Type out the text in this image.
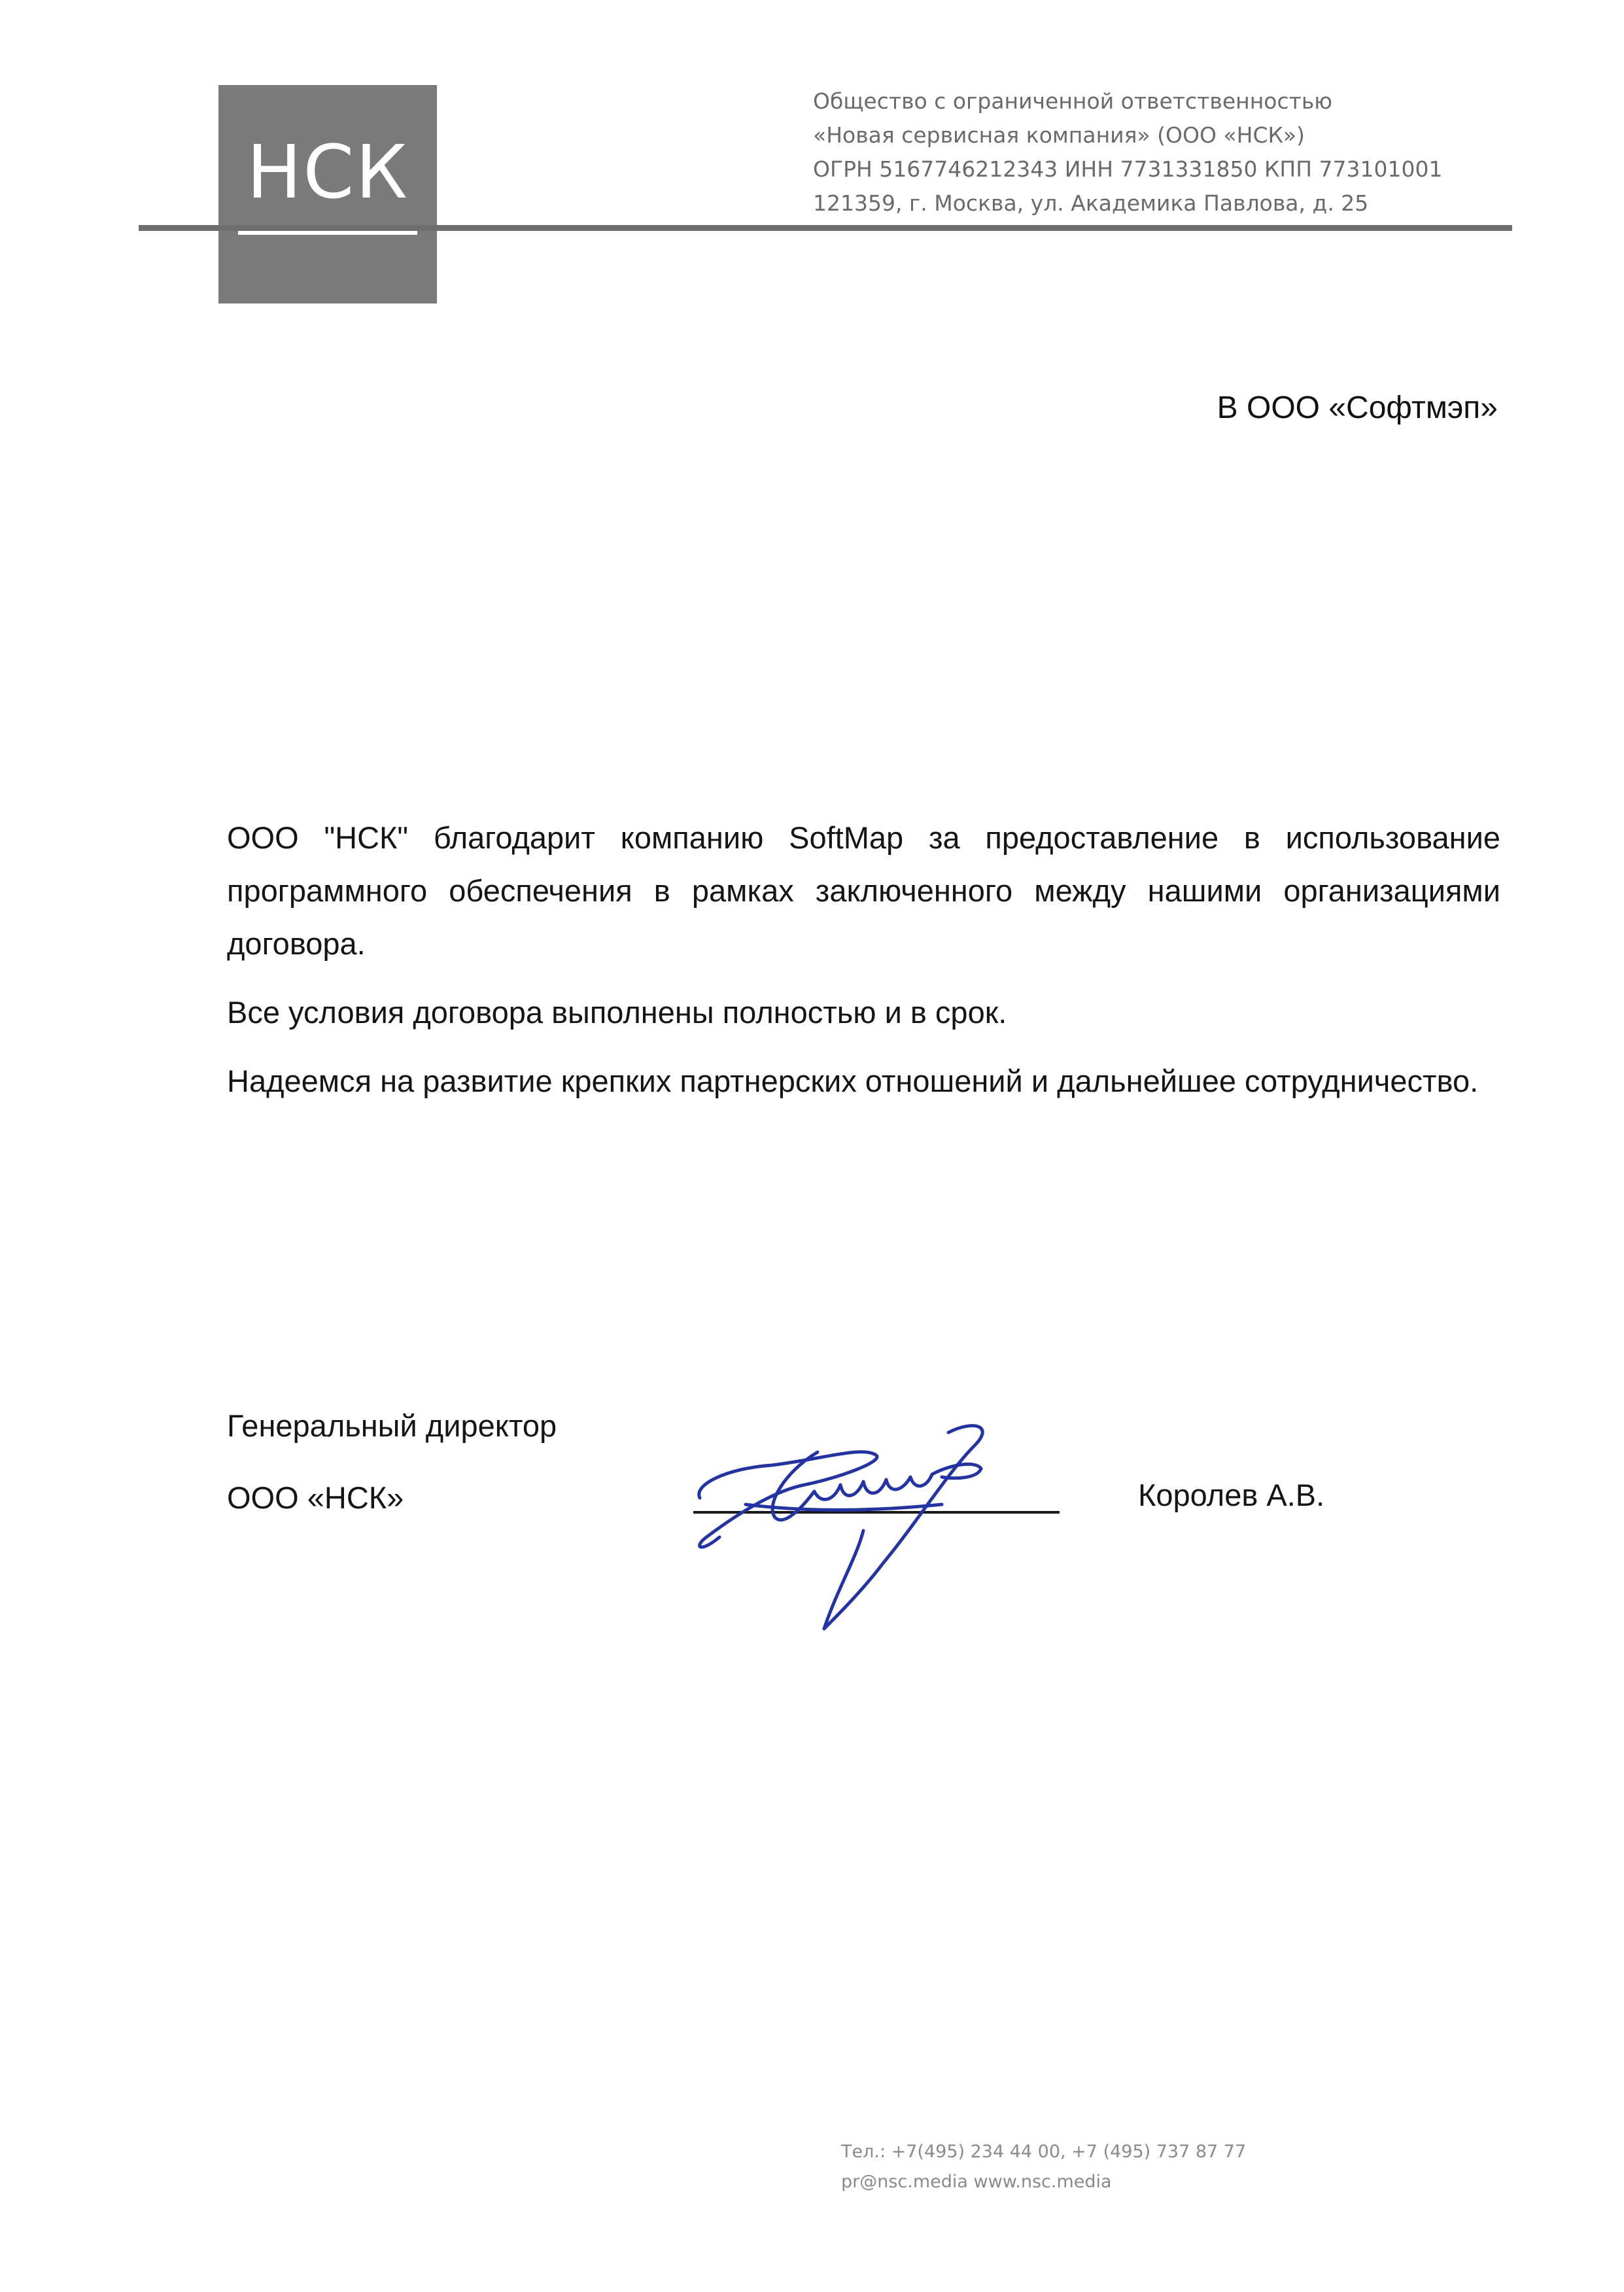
НСК
Общество с ограниченной ответственностью
«Новая сервисная компания» (ООО «НСК»)
ОГРН 5167746212343 ИНН 7731331850 КПП 773101001
121359, г. Москва, ул. Академика Павлова, д. 25
В ООО «Софтмэп»

ООО "НСК" благодарит компанию SoftMap за предоставление в использование программного обеспечения в рамках заключенного между нашими организациями договора.

Все условия договора выполнены полностью и в срок.

Надеемся на развитие крепких партнерских отношений и дальнейшее сотрудничество.

Генеральный директор
ООО «НСК»	Королев А.В.
Тел.: +7(495) 234 44 00, +7 (495) 737 87 77
pr@nsc.media www.nsc.media
